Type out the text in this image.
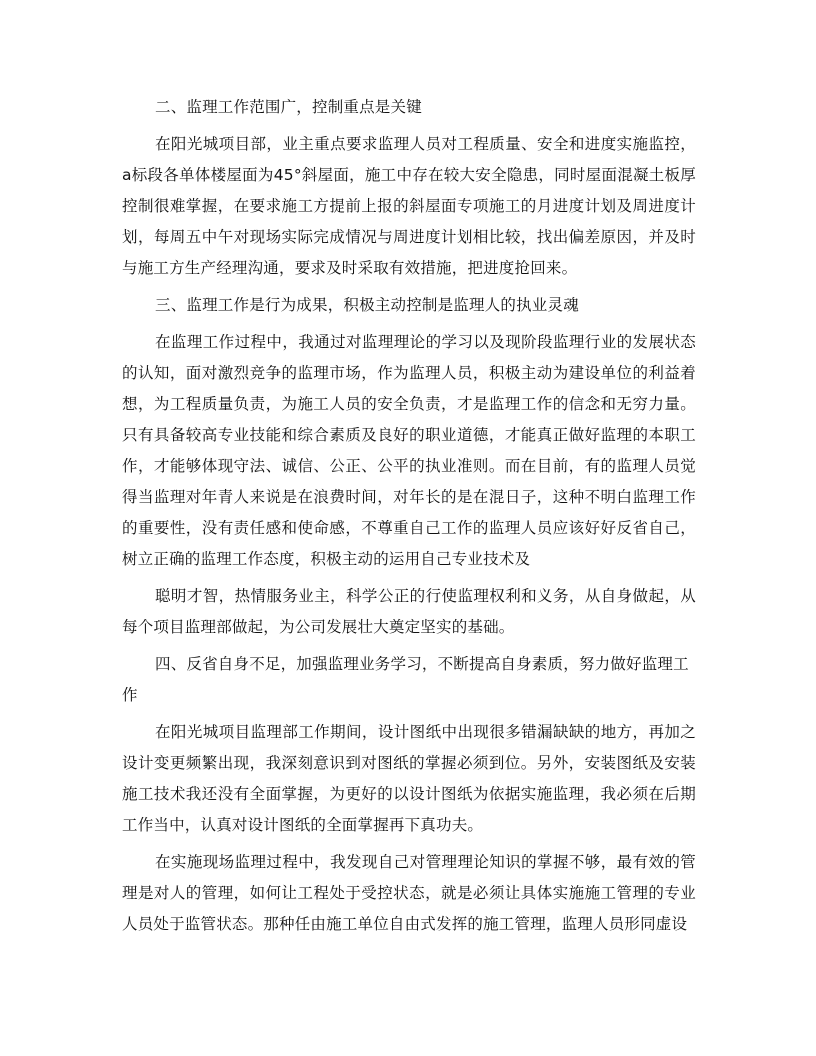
二、监理工作范围广，控制重点是关键

在阳光城项目部，业主重点要求监理人员对工程质量、安全和进度实施监控，a标段各单体楼屋面为45°斜屋面，施工中存在较大安全隐患，同时屋面混凝土板厚控制很难掌握，在要求施工方提前上报的斜屋面专项施工的月进度计划及周进度计划，每周五中午对现场实际完成情况与周进度计划相比较，找出偏差原因，并及时与施工方生产经理沟通，要求及时采取有效措施，把进度抢回来。

三、监理工作是行为成果，积极主动控制是监理人的执业灵魂

在监理工作过程中，我通过对监理理论的学习以及现阶段监理行业的发展状态的认知，面对激烈竞争的监理市场，作为监理人员，积极主动为建设单位的利益着想，为工程质量负责，为施工人员的安全负责，才是监理工作的信念和无穷力量。只有具备较高专业技能和综合素质及良好的职业道德，才能真正做好监理的本职工作，才能够体现守法、诚信、公正、公平的执业准则。而在目前，有的监理人员觉得当监理对年青人来说是在浪费时间，对年长的是在混日子，这种不明白监理工作的重要性，没有责任感和使命感，不尊重自己工作的监理人员应该好好反省自己，树立正确的监理工作态度，积极主动的运用自己专业技术及

聪明才智，热情服务业主，科学公正的行使监理权利和义务，从自身做起，从每个项目监理部做起，为公司发展壮大奠定坚实的基础。

四、反省自身不足，加强监理业务学习，不断提高自身素质，努力做好监理工作

在阳光城项目监理部工作期间，设计图纸中出现很多错漏缺缺的地方，再加之设计变更频繁出现，我深刻意识到对图纸的掌握必须到位。另外，安装图纸及安装施工技术我还没有全面掌握，为更好的以设计图纸为依据实施监理，我必须在后期工作当中，认真对设计图纸的全面掌握再下真功夫。

在实施现场监理过程中，我发现自己对管理理论知识的掌握不够，最有效的管理是对人的管理，如何让工程处于受控状态，就是必须让具体实施施工管理的专业人员处于监管状态。那种任由施工单位自由式发挥的施工管理，监理人员形同虚设
